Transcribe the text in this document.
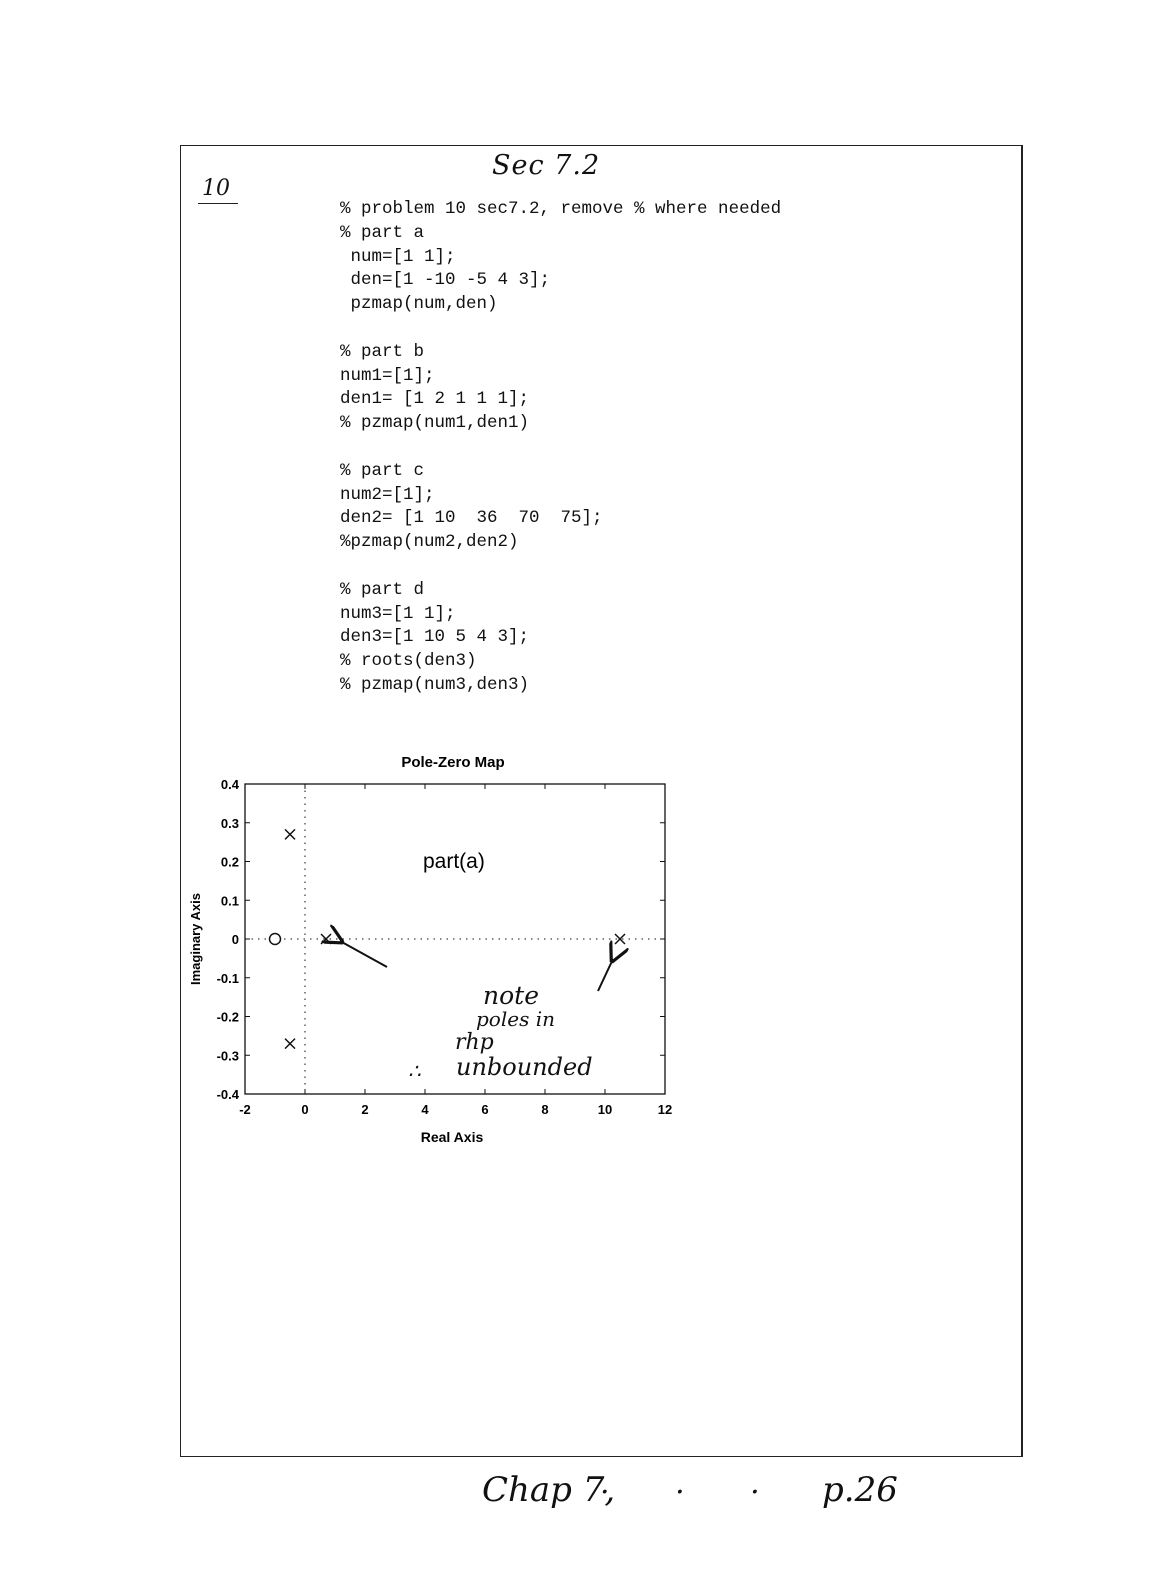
Sec 7.2
10
% problem 10 sec7.2, remove % where needed
% part a
num=[1 1];
den=[1 -10 -5 4 3];
pzmap(num,den)
% part b
num1=[1];
den1= [1 2 1 1 1];
% pzmap(num1,den1)
% part c
num2=[1];
den2= [1 10  36  70  75];
%pzmap(num2,den2)
% part d
num3=[1 1];
den3=[1 10 5 4 3];
% roots(den3)
% pzmap(num3,den3)
Pole-Zero Map
-2	0	2	4	6	8	10	12
0.4
0.3
0.2
0.1
0
-0.1
-0.2
-0.3
-0.4
Real Axis
Imaginary Axis
part(a)
note
poles in
rhp
∴ unbounded
Chap 7,
· · · p.26
